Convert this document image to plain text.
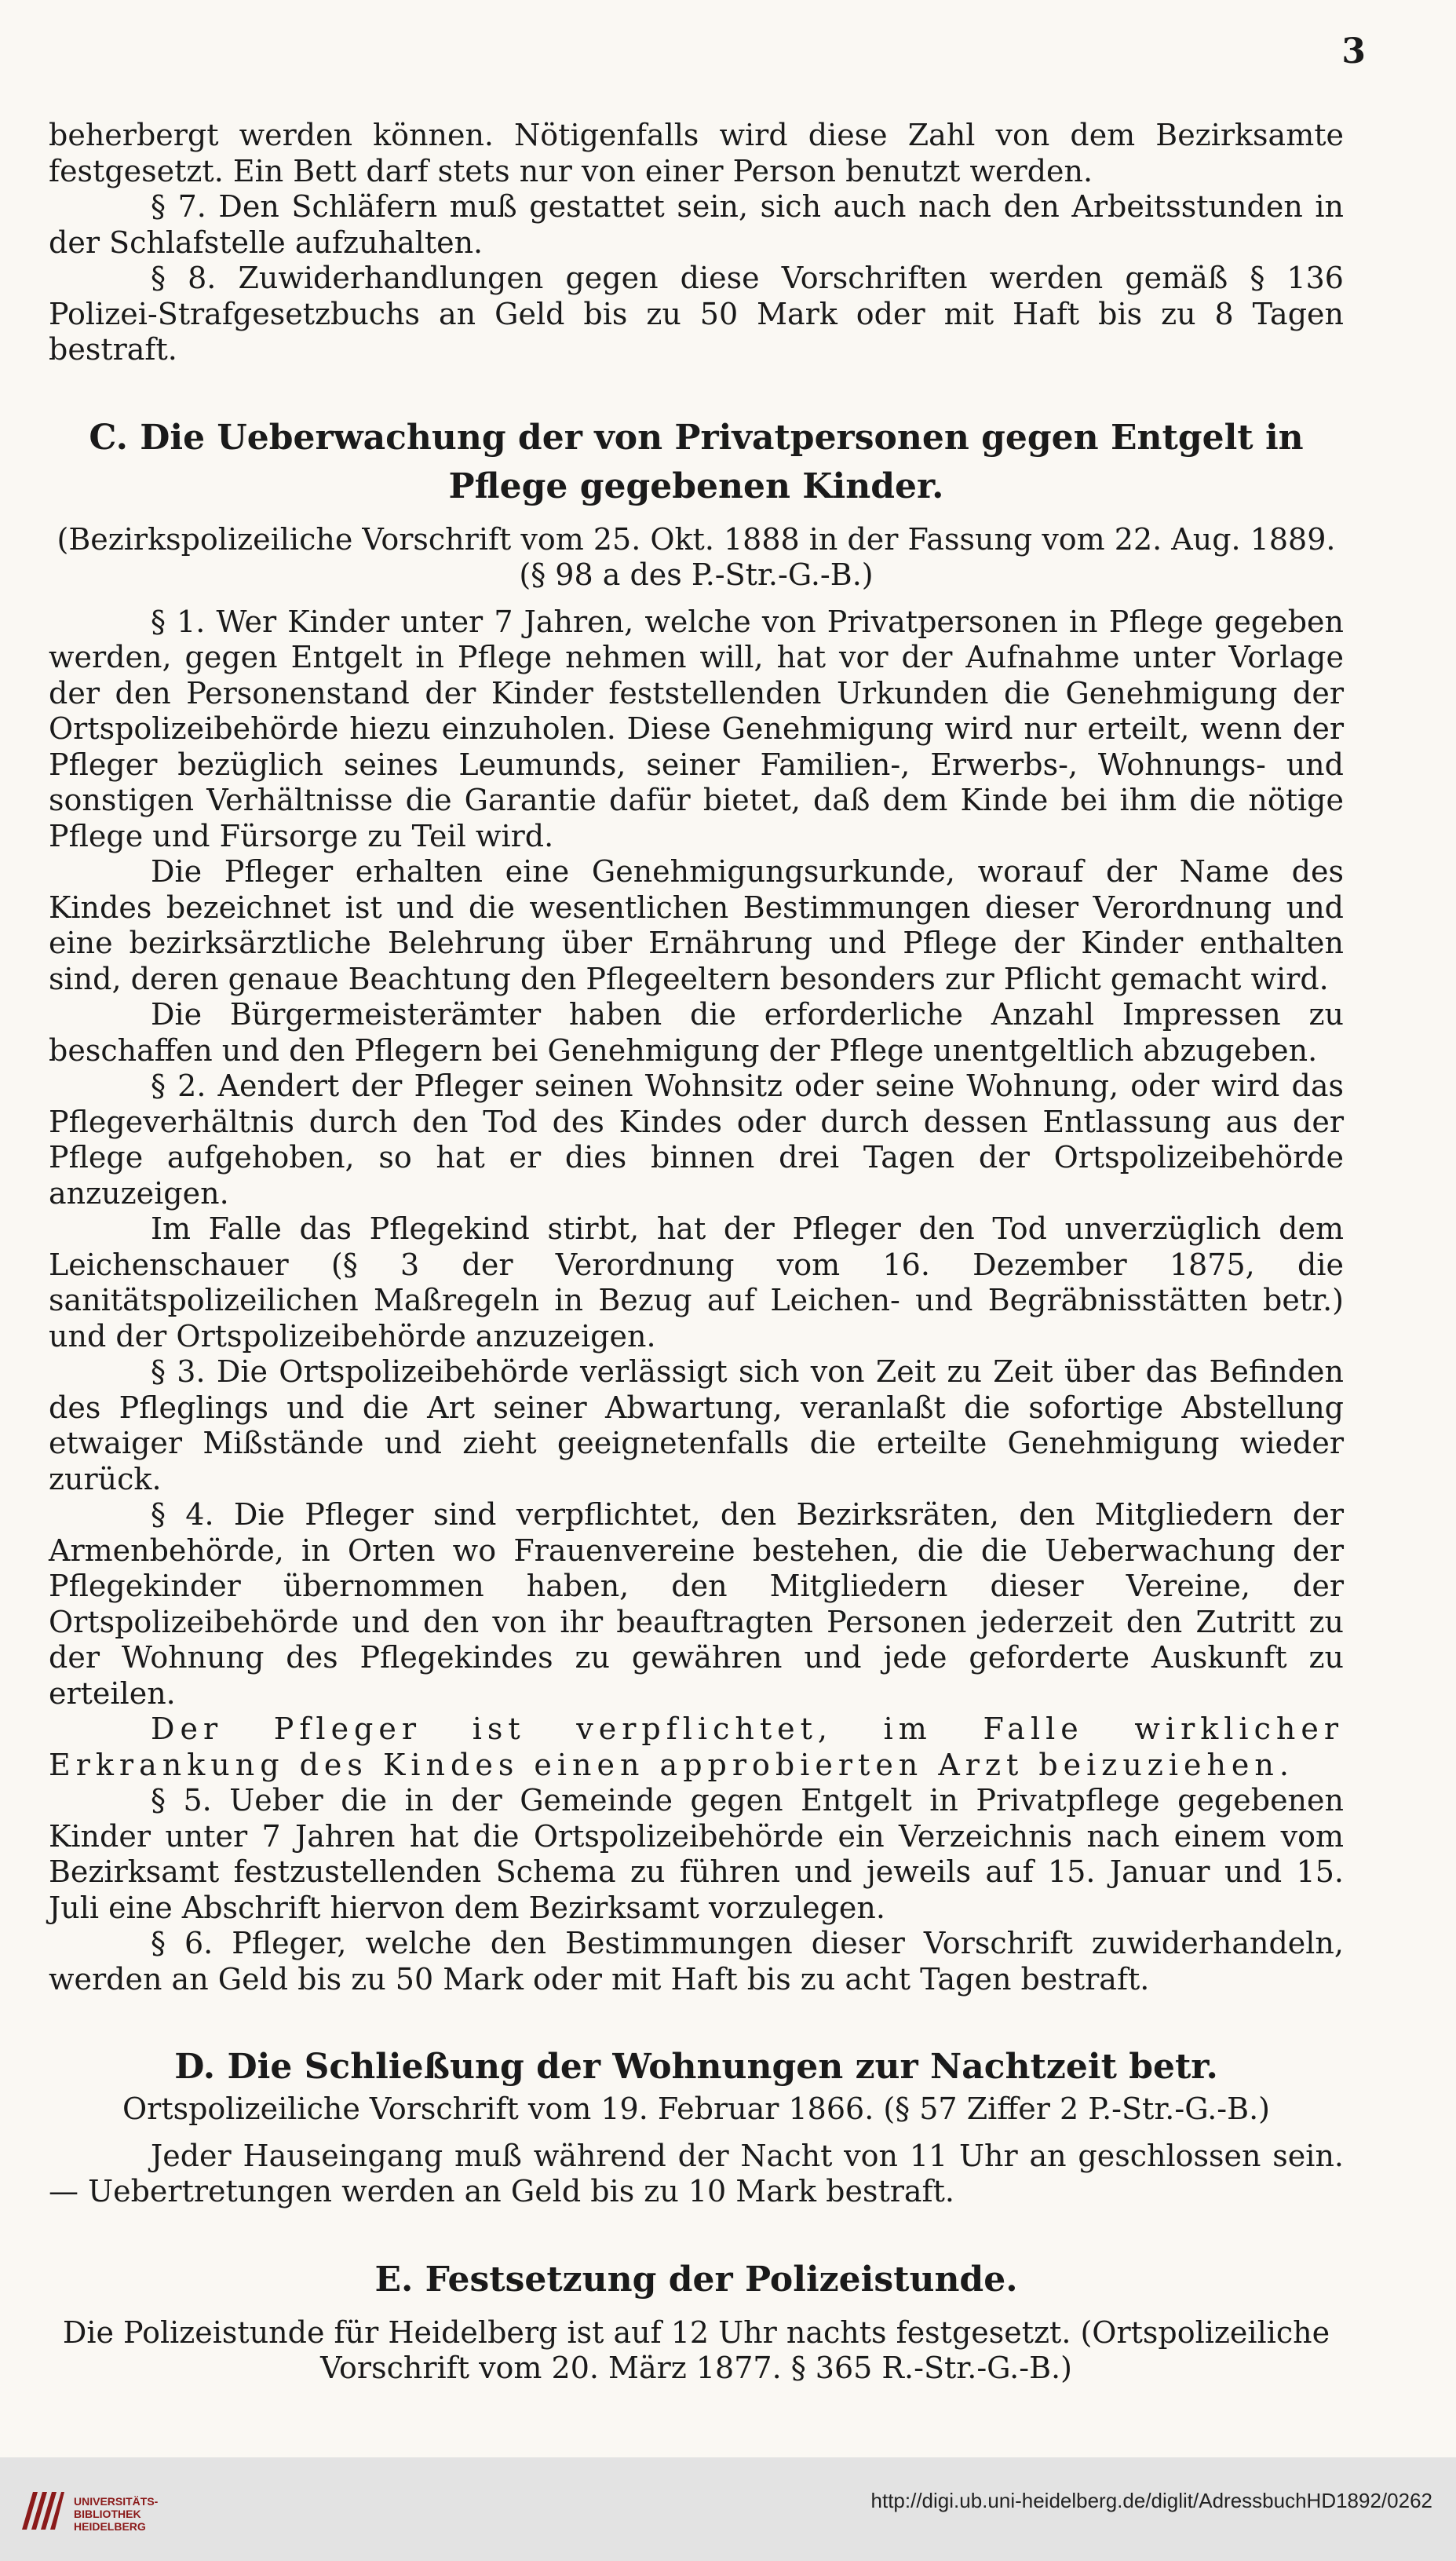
3

beherbergt werden können. Nötigenfalls wird diese Zahl von dem Bezirksamte festgesetzt. Ein Bett darf stets nur von einer Person benutzt werden.

§ 7. Den Schläfern muß gestattet sein, sich auch nach den Arbeitsstunden in der Schlafstelle aufzuhalten.

§ 8. Zuwiderhandlungen gegen diese Vorschriften werden gemäß § 136 Polizei-Strafgesetzbuchs an Geld bis zu 50 Mark oder mit Haft bis zu 8 Tagen bestraft.

C. Die Ueberwachung der von Privatpersonen gegen Entgelt in Pflege gegebenen Kinder.

(Bezirkspolizeiliche Vorschrift vom 25. Okt. 1888 in der Fassung vom 22. Aug. 1889. (§ 98 a des P.-Str.-G.-B.)

§ 1. Wer Kinder unter 7 Jahren, welche von Privatpersonen in Pflege gegeben werden, gegen Entgelt in Pflege nehmen will, hat vor der Aufnahme unter Vorlage der den Personenstand der Kinder feststellenden Urkunden die Genehmigung der Ortspolizeibehörde hiezu einzuholen. Diese Genehmigung wird nur erteilt, wenn der Pfleger bezüglich seines Leumunds, seiner Familien-, Erwerbs-, Wohnungs- und sonstigen Verhältnisse die Garantie dafür bietet, daß dem Kinde bei ihm die nötige Pflege und Fürsorge zu Teil wird.

Die Pfleger erhalten eine Genehmigungsurkunde, worauf der Name des Kindes bezeichnet ist und die wesentlichen Bestimmungen dieser Verordnung und eine bezirksärztliche Belehrung über Ernährung und Pflege der Kinder enthalten sind, deren genaue Beachtung den Pflegeeltern besonders zur Pflicht gemacht wird.

Die Bürgermeisterämter haben die erforderliche Anzahl Impressen zu beschaffen und den Pflegern bei Genehmigung der Pflege unentgeltlich abzugeben.

§ 2. Aendert der Pfleger seinen Wohnsitz oder seine Wohnung, oder wird das Pflegeverhältnis durch den Tod des Kindes oder durch dessen Entlassung aus der Pflege aufgehoben, so hat er dies binnen drei Tagen der Ortspolizeibehörde anzuzeigen.

Im Falle das Pflegekind stirbt, hat der Pfleger den Tod unverzüglich dem Leichenschauer (§ 3 der Verordnung vom 16. Dezember 1875, die sanitätspolizeilichen Maßregeln in Bezug auf Leichen- und Begräbnisstätten betr.) und der Ortspolizeibehörde anzuzeigen.

§ 3. Die Ortspolizeibehörde verlässigt sich von Zeit zu Zeit über das Befinden des Pfleglings und die Art seiner Abwartung, veranlaßt die sofortige Abstellung etwaiger Mißstände und zieht geeignetenfalls die erteilte Genehmigung wieder zurück.

§ 4. Die Pfleger sind verpflichtet, den Bezirksräten, den Mitgliedern der Armenbehörde, in Orten wo Frauenvereine bestehen, die die Ueberwachung der Pflegekinder übernommen haben, den Mitgliedern dieser Vereine, der Ortspolizeibehörde und den von ihr beauftragten Personen jederzeit den Zutritt zu der Wohnung des Pflegekindes zu gewähren und jede geforderte Auskunft zu erteilen.

Der Pfleger ist verpflichtet, im Falle wirklicher Erkrankung des Kindes einen approbierten Arzt beizuziehen.

§ 5. Ueber die in der Gemeinde gegen Entgelt in Privatpflege gegebenen Kinder unter 7 Jahren hat die Ortspolizeibehörde ein Verzeichnis nach einem vom Bezirksamt festzustellenden Schema zu führen und jeweils auf 15. Januar und 15. Juli eine Abschrift hiervon dem Bezirksamt vorzulegen.

§ 6. Pfleger, welche den Bestimmungen dieser Vorschrift zuwiderhandeln, werden an Geld bis zu 50 Mark oder mit Haft bis zu acht Tagen bestraft.

D. Die Schließung der Wohnungen zur Nachtzeit betr.

Ortspolizeiliche Vorschrift vom 19. Februar 1866. (§ 57 Ziffer 2 P.-Str.-G.-B.)

Jeder Hauseingang muß während der Nacht von 11 Uhr an geschlossen sein. — Uebertretungen werden an Geld bis zu 10 Mark bestraft.

E. Festsetzung der Polizeistunde.

Die Polizeistunde für Heidelberg ist auf 12 Uhr nachts festgesetzt. (Ortspolizeiliche Vorschrift vom 20. März 1877. § 365 R.-Str.-G.-B.)

UNIVERSITÄTS-
BIBLIOTHEK
HEIDELBERG
http://digi.ub.uni-heidelberg.de/diglit/AdressbuchHD1892/0262
